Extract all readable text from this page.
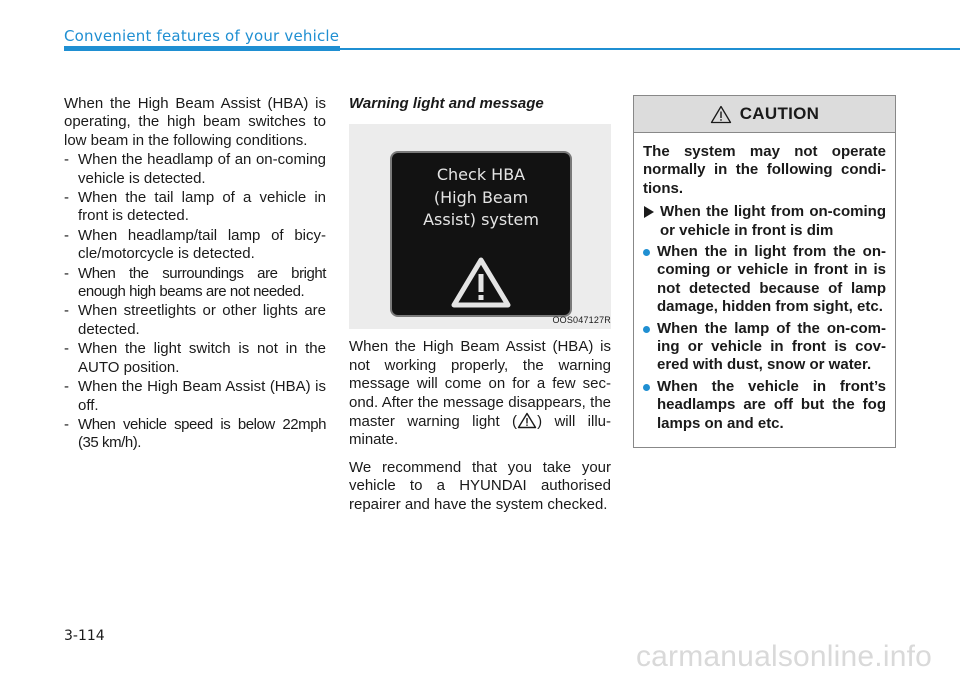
Convenient features of your vehicle

When the High Beam Assist (HBA) is operating, the high beam switches to low beam in the following conditions.

- When the headlamp of an on-coming vehicle is detected.
- When the tail lamp of a vehicle in front is detected.
- When headlamp/tail lamp of bicycle/motorcycle is detected.
- When the surroundings are bright enough high beams are not needed.
- When streetlights or other lights are detected.
- When the light switch is not in the AUTO position.
- When the High Beam Assist (HBA) is off.
- When vehicle speed is below 22mph (35 km/h).
Warning light and message
Check HBA
(High Beam
Assist) system
OOS047127R

When the High Beam Assist (HBA) is not working properly, the warning message will come on for a few second. After the message disappears, the master warning light ( ) will illuminate.

We recommend that you take your vehicle to a HYUNDAI authorised repairer and have the system checked.

CAUTION

The system may not operate normally in the following conditions.

When the light from on-coming or vehicle in front is dim
When the in light from the oncoming or vehicle in front in is not detected because of lamp damage, hidden from sight, etc.
When the lamp of the on-coming or vehicle in front is covered with dust, snow or water.
When the vehicle in front’s headlamps are off but the fog lamps on and etc.
3-114
carmanualsonline.info
